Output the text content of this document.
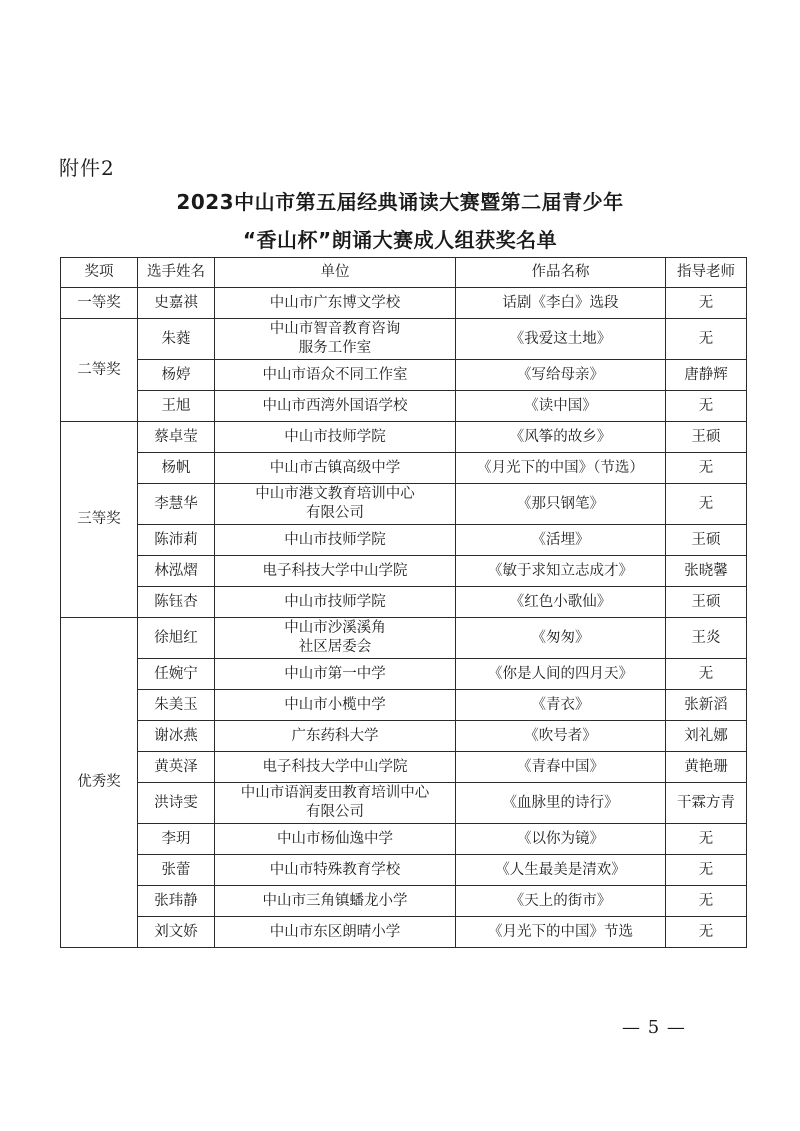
附件2
2023中山市第五届经典诵读大赛暨第二届青少年
“香山杯”朗诵大赛成人组获奖名单
奖项	选手姓名	单位	作品名称	指导老师
一等奖	史嘉祺	中山市广东博文学校	话剧《李白》选段	无
二等奖	朱蕤	中山市智音教育咨询
服务工作室	《我爱这土地》	无
	杨婷	中山市语众不同工作室	《写给母亲》	唐静辉
	王旭	中山市西湾外国语学校	《读中国》	无
三等奖	蔡卓莹	中山市技师学院	《风筝的故乡》	王硕
	杨帆	中山市古镇高级中学	《月光下的中国》（节选）	无
	李慧华	中山市港文教育培训中心
有限公司	《那只钢笔》	无
	陈沛莉	中山市技师学院	《活埋》	王硕
	林泓熠	电子科技大学中山学院	《敏于求知立志成才》	张晓馨
	陈钰杏	中山市技师学院	《红色小歌仙》	王硕
优秀奖	徐旭红	中山市沙溪溪角
社区居委会	《匆匆》	王炎
	任婉宁	中山市第一中学	《你是人间的四月天》	无
	朱美玉	中山市小榄中学	《青衣》	张新滔
	谢冰燕	广东药科大学	《吹号者》	刘礼娜
	黄英泽	电子科技大学中山学院	《青春中国》	黄艳珊
	洪诗雯	中山市语润麦田教育培训中心
有限公司	《血脉里的诗行》	干霖方青
	李玥	中山市杨仙逸中学	《以你为镜》	无
	张蕾	中山市特殊教育学校	《人生最美是清欢》	无
	张玮静	中山市三角镇蟠龙小学	《天上的街市》	无
	刘文娇	中山市东区朗晴小学	《月光下的中国》节选	无
— 5 —
